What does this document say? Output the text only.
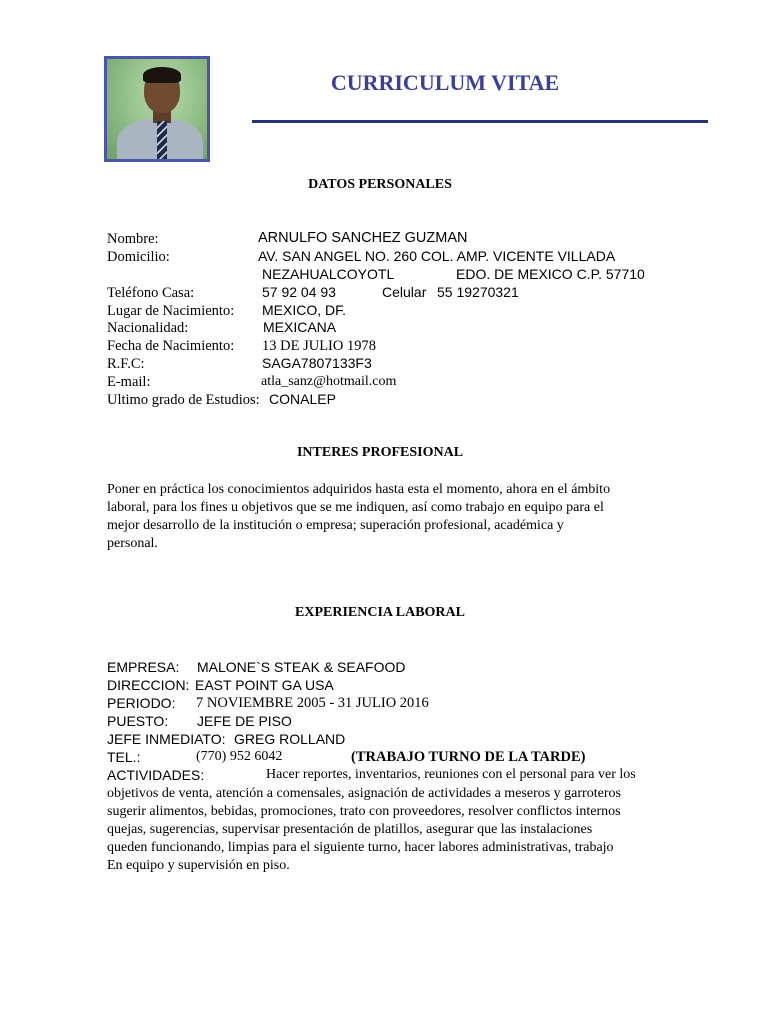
CURRICULUM VITAE
DATOS PERSONALES
Nombre:	ARNULFO SANCHEZ GUZMAN
Domicilio:	AV. SAN ANGEL NO. 260 COL. AMP. VICENTE VILLADA
NEZAHUALCOYOTL	EDO. DE MEXICO C.P. 57710
Teléfono Casa:	57 92 04 93	Celular 55 19270321
Lugar de Nacimiento: MEXICO, DF.
Nacionalidad:	MEXICANA
Fecha de Nacimiento: 13 DE JULIO 1978
R.F.C:	SAGA7807133F3
E-mail:	atla_sanz@hotmail.com
Ultimo grado de Estudios: CONALEP
INTERES PROFESIONAL
Poner en práctica los conocimientos adquiridos hasta esta el momento, ahora en el ámbito
laboral, para los fines u objetivos que se me indiquen, así como trabajo en equipo para el
mejor desarrollo de la institución o empresa; superación profesional, académica y
personal.
EXPERIENCIA LABORAL
EMPRESA: MALONE`S STEAK & SEAFOOD
DIRECCION: EAST POINT GA USA
PERIODO: 7 NOVIEMBRE 2005 - 31 JULIO 2016
PUESTO: JEFE DE PISO
JEFE INMEDIATO: GREG ROLLAND
TEL.:	(770) 952 6042	(TRABAJO TURNO DE LA TARDE)
ACTIVIDADES:	Hacer reportes, inventarios, reuniones con el personal para ver los
objetivos de venta, atención a comensales, asignación de actividades a meseros y garroteros
sugerir alimentos, bebidas, promociones, trato con proveedores, resolver conflictos internos
quejas, sugerencias, supervisar presentación de platillos, asegurar que las instalaciones
queden funcionando, limpias para el siguiente turno, hacer labores administrativas, trabajo
En equipo y supervisión en piso.
